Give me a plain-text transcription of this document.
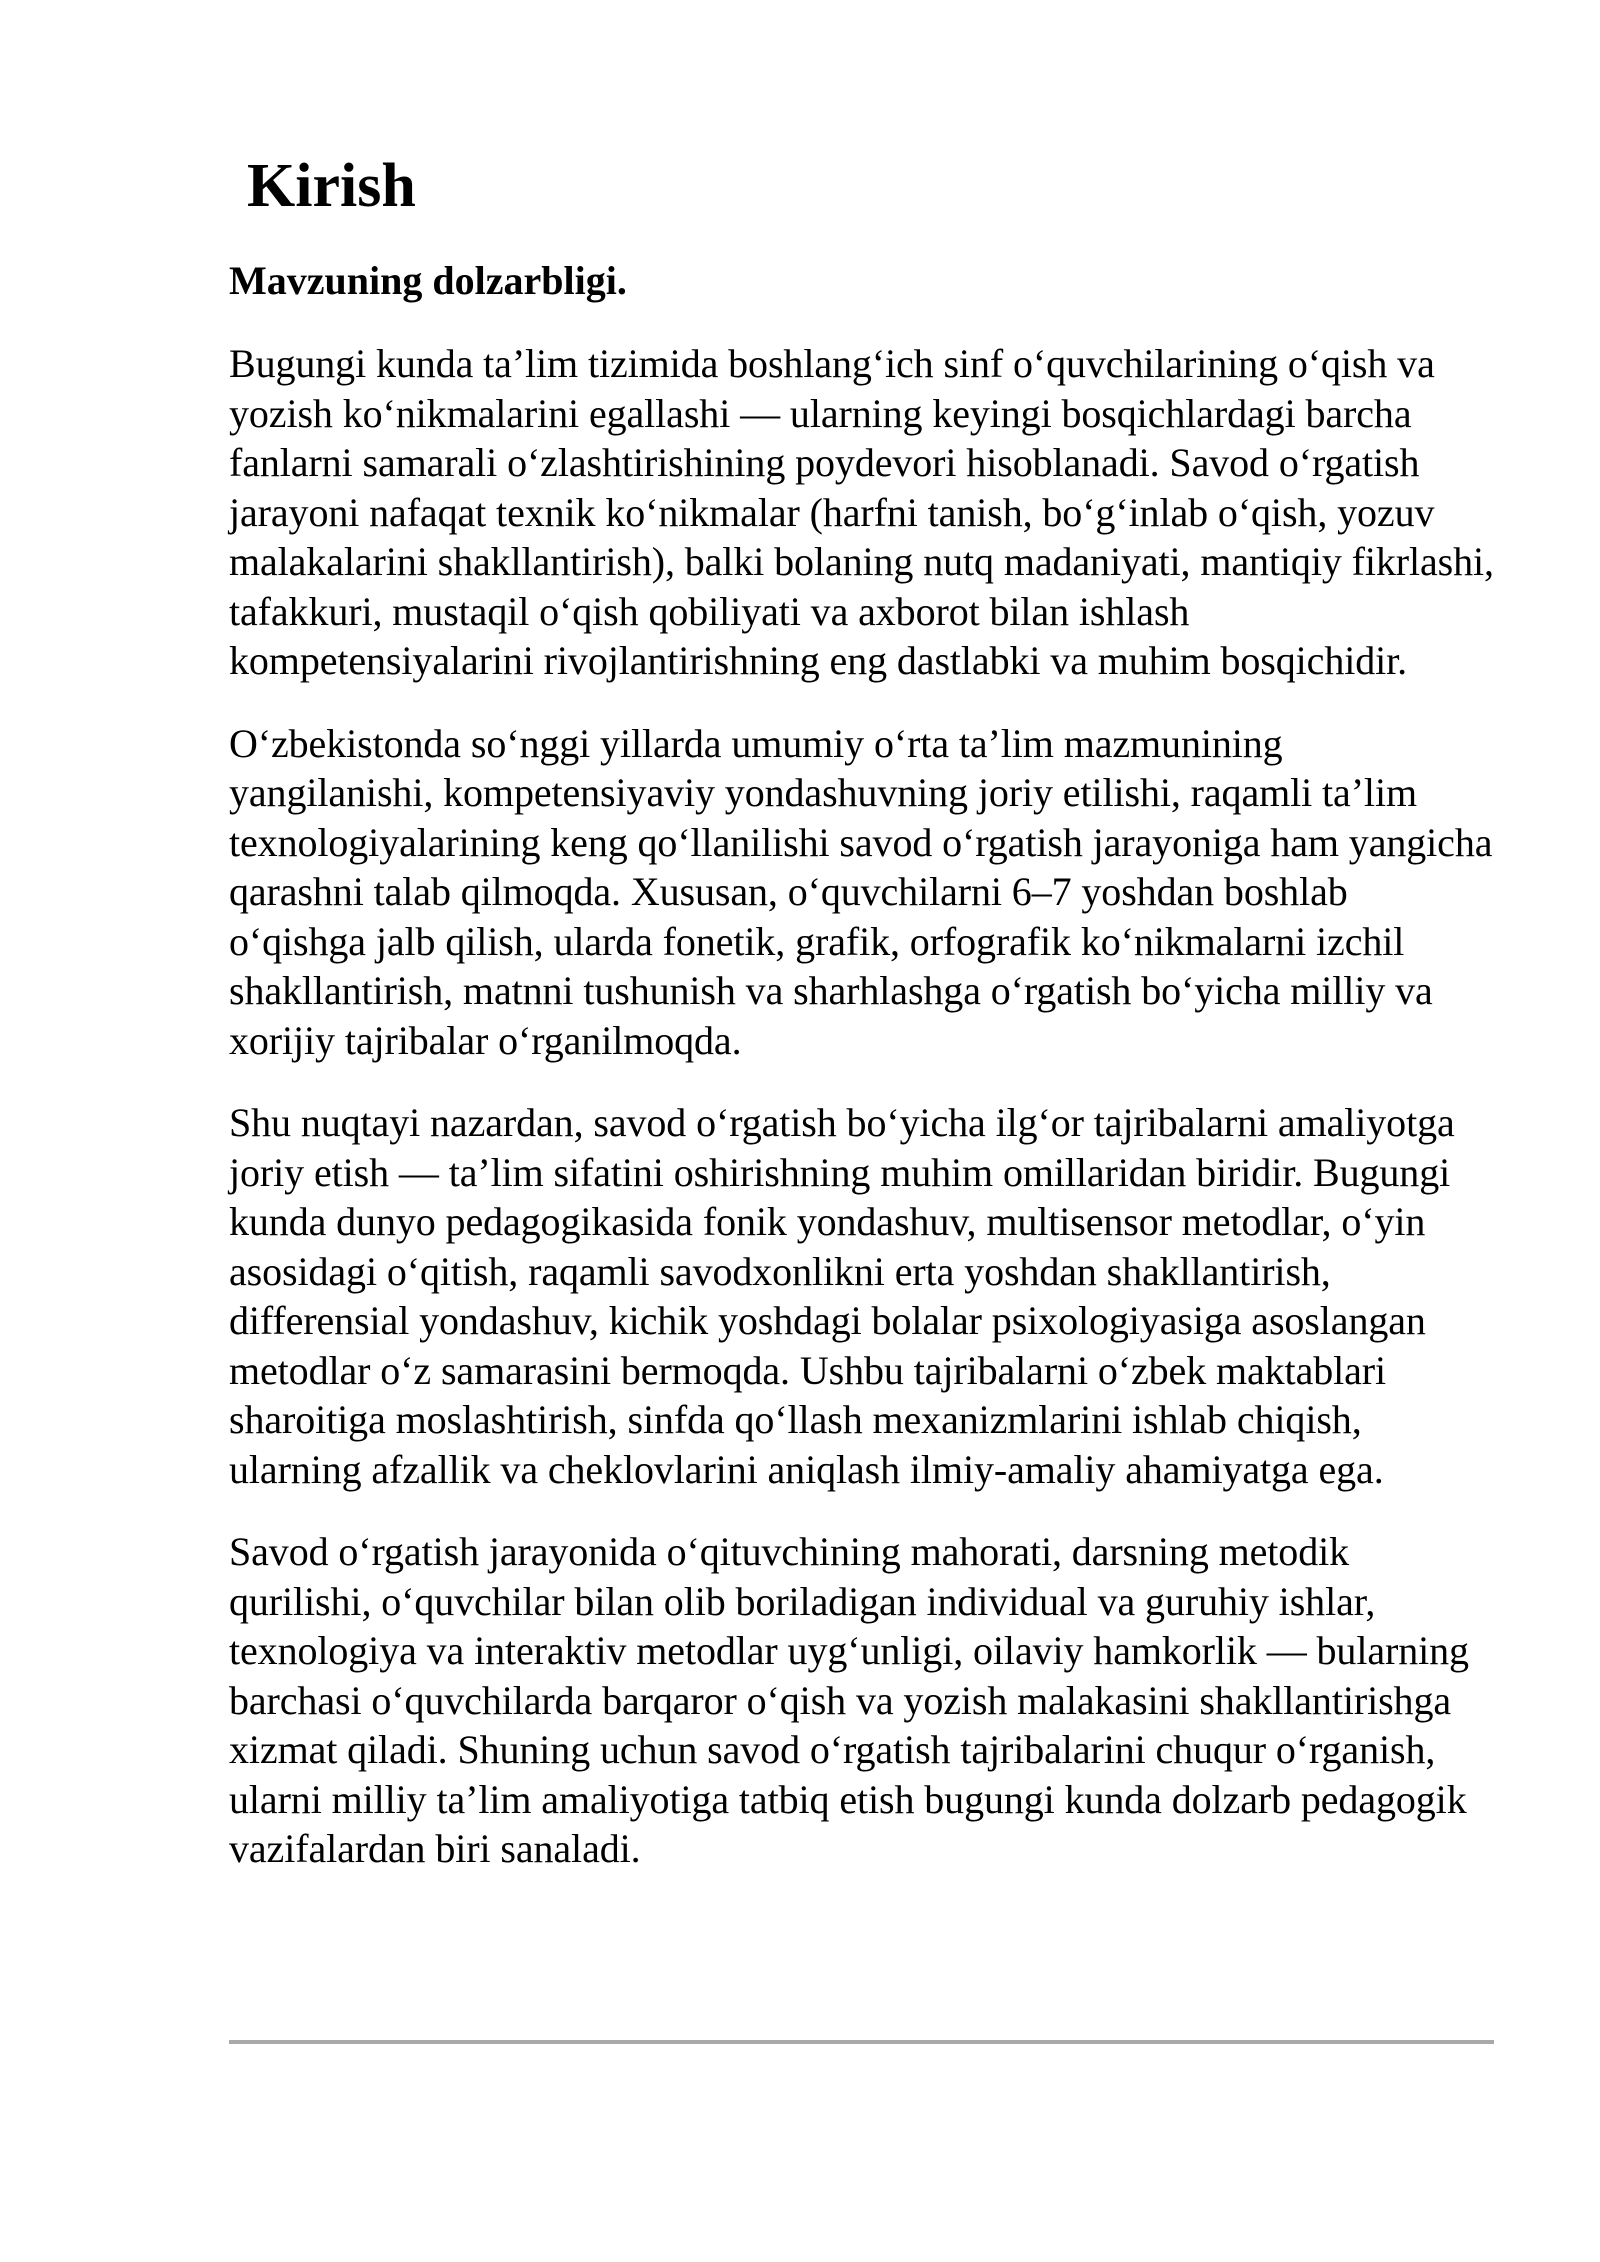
Kirish
Mavzuning dolzarbligi.

Bugungi kunda ta’lim tizimida boshlang‘ich sinf o‘quvchilarining o‘qish va yozish ko‘nikmalarini egallashi — ularning keyingi bosqichlardagi barcha fanlarni samarali o‘zlashtirishining poydevori hisoblanadi. Savod o‘rgatish jarayoni nafaqat texnik ko‘nikmalar (harfni tanish, bo‘g‘inlab o‘qish, yozuv malakalarini shakllantirish), balki bolaning nutq madaniyati, mantiqiy fikrlashi, tafakkuri, mustaqil o‘qish qobiliyati va axborot bilan ishlash kompetensiyalarini rivojlantirishning eng dastlabki va muhim bosqichidir.

O‘zbekistonda so‘nggi yillarda umumiy o‘rta ta’lim mazmunining yangilanishi, kompetensiyaviy yondashuvning joriy etilishi, raqamli ta’lim texnologiyalarining keng qo‘llanilishi savod o‘rgatish jarayoniga ham yangicha qarashni talab qilmoqda. Xususan, o‘quvchilarni 6–7 yoshdan boshlab o‘qishga jalb qilish, ularda fonetik, grafik, orfografik ko‘nikmalarni izchil shakllantirish, matnni tushunish va sharhlashga o‘rgatish bo‘yicha milliy va xorijiy tajribalar o‘rganilmoqda.

Shu nuqtayi nazardan, savod o‘rgatish bo‘yicha ilg‘or tajribalarni amaliyotga joriy etish — ta’lim sifatini oshirishning muhim omillaridan biridir. Bugungi kunda dunyo pedagogikasida fonik yondashuv, multisensor metodlar, o‘yin asosidagi o‘qitish, raqamli savodxonlikni erta yoshdan shakllantirish, differensial yondashuv, kichik yoshdagi bolalar psixologiyasiga asoslangan metodlar o‘z samarasini bermoqda. Ushbu tajribalarni o‘zbek maktablari sharoitiga moslashtirish, sinfda qo‘llash mexanizmlarini ishlab chiqish, ularning afzallik va cheklovlarini aniqlash ilmiy-amaliy ahamiyatga ega.

Savod o‘rgatish jarayonida o‘qituvchining mahorati, darsning metodik qurilishi, o‘quvchilar bilan olib boriladigan individual va guruhiy ishlar, texnologiya va interaktiv metodlar uyg‘unligi, oilaviy hamkorlik — bularning barchasi o‘quvchilarda barqaror o‘qish va yozish malakasini shakllantirishga xizmat qiladi. Shuning uchun savod o‘rgatish tajribalarini chuqur o‘rganish, ularni milliy ta’lim amaliyotiga tatbiq etish bugungi kunda dolzarb pedagogik vazifalardan biri sanaladi.
